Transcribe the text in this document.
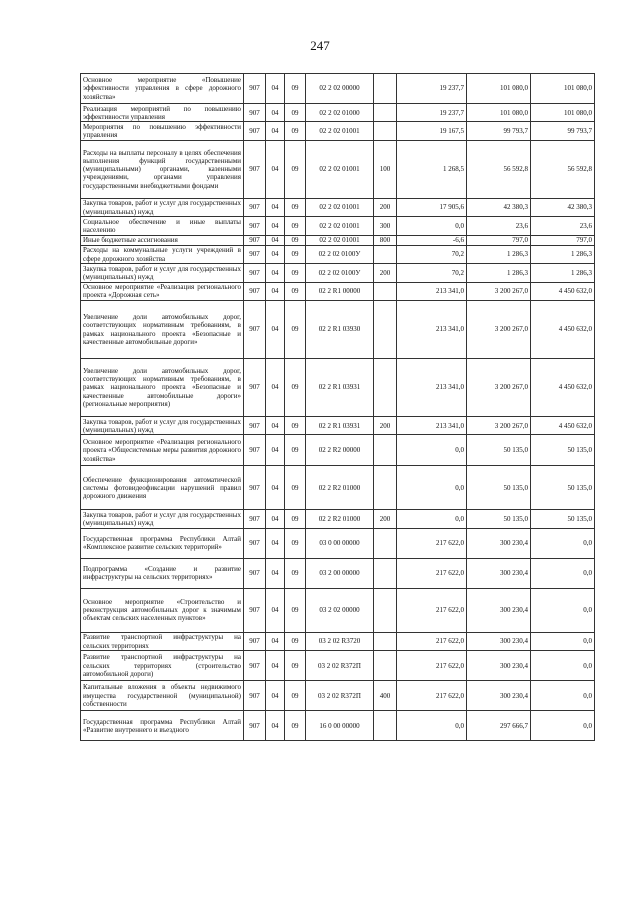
247
Основное мероприятие «Повышение эффективности управления в сфере дорожного хозяйства»	907	04	09	02 2 02 00000		19 237,7	101 080,0	101 080,0
Реализация мероприятий по повышению эффективности управления	907	04	09	02 2 02 01000		19 237,7	101 080,0	101 080,0
Мероприятия по повышению эффективности управления	907	04	09	02 2 02 01001		19 167,5	99 793,7	99 793,7
Расходы на выплаты персоналу в целях обеспечения выполнения функций государственными (муниципальными) органами, казенными учреждениями, органами управления государственными внебюджетными фондами	907	04	09	02 2 02 01001	100	1 268,5	56 592,8	56 592,8
Закупка товаров, работ и услуг для государственных (муниципальных) нужд	907	04	09	02 2 02 01001	200	17 905,6	42 380,3	42 380,3
Социальное обеспечение и иные выплаты населению	907	04	09	02 2 02 01001	300	0,0	23,6	23,6
Иные бюджетные ассигнования	907	04	09	02 2 02 01001	800	-6,6	797,0	797,0
Расходы на коммунальные услуги учреждений в сфере дорожного хозяйства	907	04	09	02 2 02 0100У		70,2	1 286,3	1 286,3
Закупка товаров, работ и услуг для государственных (муниципальных) нужд	907	04	09	02 2 02 0100У	200	70,2	1 286,3	1 286,3
Основное мероприятие «Реализация регионального проекта «Дорожная сеть»	907	04	09	02 2 R1 00000		213 341,0	3 200 267,0	4 450 632,0
Увеличение доли автомобильных дорог, соответствующих нормативным требованиям, в рамках национального проекта «Безопасные и качественные автомобильные дороги»	907	04	09	02 2 R1 03930		213 341,0	3 200 267,0	4 450 632,0
Увеличение доли автомобильных дорог, соответствующих нормативным требованиям, в рамках национального проекта «Безопасные и качественные автомобильные дороги» (региональные мероприятия)	907	04	09	02 2 R1 03931		213 341,0	3 200 267,0	4 450 632,0
Закупка товаров, работ и услуг для государственных (муниципальных) нужд	907	04	09	02 2 R1 03931	200	213 341,0	3 200 267,0	4 450 632,0
Основное мероприятие «Реализация регионального проекта «Общесистемные меры развития дорожного хозяйства»	907	04	09	02 2 R2 00000		0,0	50 135,0	50 135,0
Обеспечение функционирования автоматической системы фотовидеофиксации нарушений правил дорожного движения	907	04	09	02 2 R2 01000		0,0	50 135,0	50 135,0
Закупка товаров, работ и услуг для государственных (муниципальных) нужд	907	04	09	02 2 R2 01000	200	0,0	50 135,0	50 135,0
Государственная программа Республики Алтай «Комплексное развитие сельских территорий»	907	04	09	03 0 00 00000		217 622,0	300 230,4	0,0
Подпрограмма «Создание и развитие инфраструктуры на сельских территориях»	907	04	09	03 2 00 00000		217 622,0	300 230,4	0,0
Основное мероприятие «Строительство и реконструкция автомобильных дорог к значимым объектам сельских населенных пунктов»	907	04	09	03 2 02 00000		217 622,0	300 230,4	0,0
Развитие транспортной инфраструктуры на сельских территориях	907	04	09	03 2 02 R3720		217 622,0	300 230,4	0,0
Развитие транспортной инфраструктуры на сельских территориях (строительство автомобильной дороги)	907	04	09	03 2 02 R372П		217 622,0	300 230,4	0,0
Капитальные вложения в объекты недвижимого имущества государственной (муниципальной) собственности	907	04	09	03 2 02 R372П	400	217 622,0	300 230,4	0,0
Государственная программа Республики Алтай «Развитие внутреннего и въездного	907	04	09	16 0 00 00000		0,0	297 666,7	0,0
